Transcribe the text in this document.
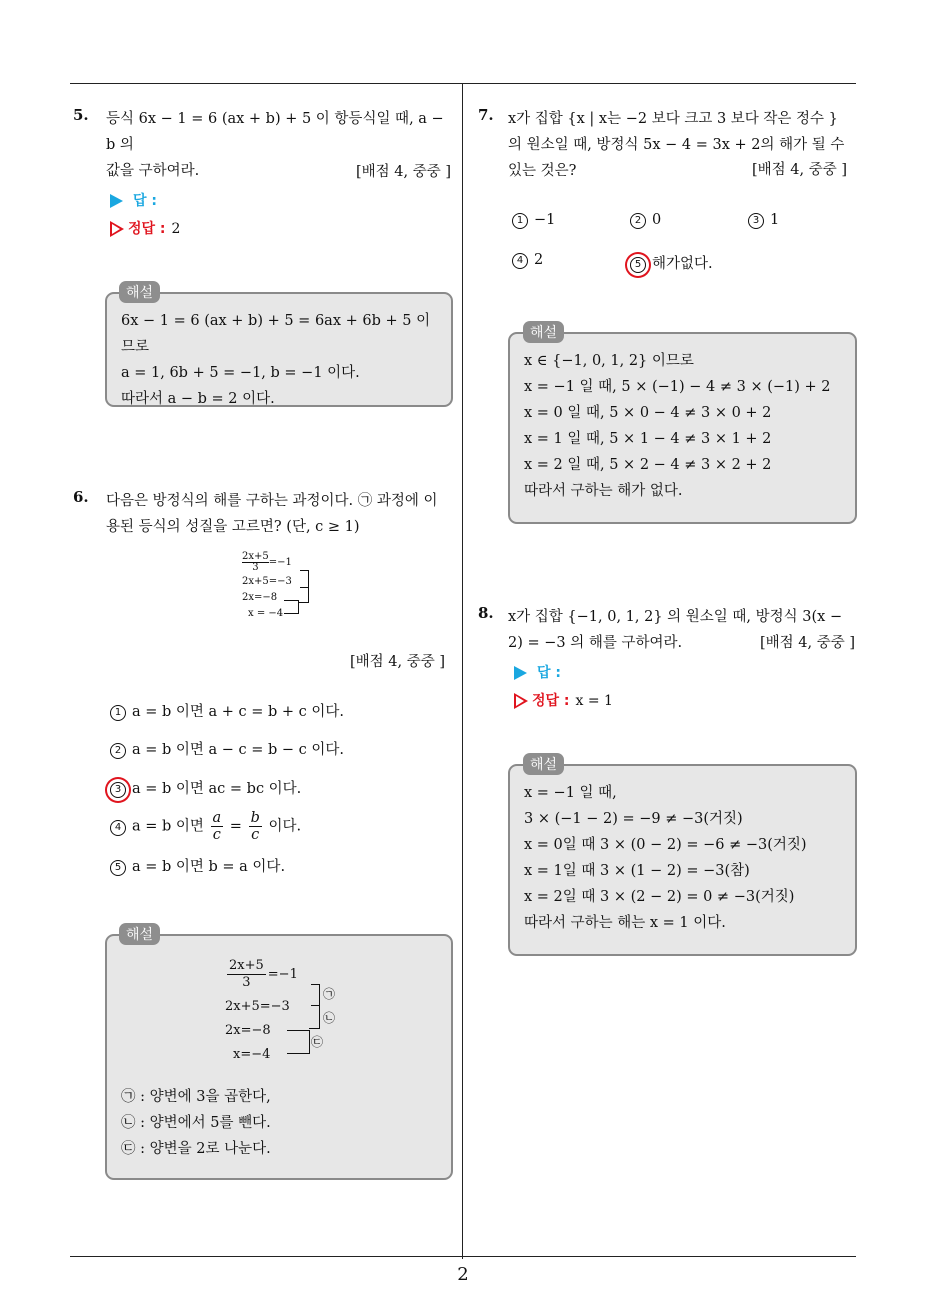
5. 등식 6x − 1 = 6 (ax + b) + 5 이 항등식일 때, a − b 의
값을 구하여라.	[배점 4, 중중 ]
답 :
정답 : 2
6x − 1 = 6 (ax + b) + 5 = 6ax + 6b + 5 이므로
a = 1, 6b + 5 = −1, b = −1 이다.
따라서 a − b = 2 이다.
해설
6. 다음은 방정식의 해를 구하는 과정이다. ㉠ 과정에 이
용된 등식의 성질을 고르면? (단, c ≥ 1)
$\frac{2x+5}{3} =-1$
2x+5=−3
2x=−8
x = −4
[배점 4, 중중 ]
1 a = b 이면 a + c = b + c 이다.
2 a = b 이면 a − c = b − c 이다.
3 a = b 이면 ac = bc 이다.
4 a = b 이면 $\frac{a}{c} = \frac{b}{c}$ 이다.
5 a = b 이면 b = a 이다.
$\frac{2x+5}{3} =-1$
2x+5=−3
2x=−8
x=−4
㉠
㉡
㉢
㉠ : 양변에 3을 곱한다,
㉡ : 양변에서 5를 뺀다.
㉢ : 양변을 2로 나눈다.
해설
7. x가 집합 {x | x는 −2 보다 크고 3 보다 작은 정수 }
의 원소일 때, 방정식 5x − 4 = 3x + 2의 해가 될 수
있는 것은?	[배점 4, 중중 ]
1 −1	2 0	3 1
4 2	5 해가없다.
x ∈ {−1, 0, 1, 2} 이므로
x = −1 일 때, 5 × (−1) − 4 ≠ 3 × (−1) + 2
x = 0 일 때, 5 × 0 − 4 ≠ 3 × 0 + 2
x = 1 일 때, 5 × 1 − 4 ≠ 3 × 1 + 2
x = 2 일 때, 5 × 2 − 4 ≠ 3 × 2 + 2
따라서 구하는 해가 없다.
해설
8. x가 집합 {−1, 0, 1, 2} 의 원소일 때, 방정식 3(x −
2) = −3 의 해를 구하여라.	[배점 4, 중중 ]
답 :
정답 : x = 1
x = −1 일 때,
3 × (−1 − 2) = −9 ≠ −3(거짓)
x = 0일 때 3 × (0 − 2) = −6 ≠ −3(거짓)
x = 1일 때 3 × (1 − 2) = −3(참)
x = 2일 때 3 × (2 − 2) = 0 ≠ −3(거짓)
따라서 구하는 해는 x = 1 이다.
해설
2
